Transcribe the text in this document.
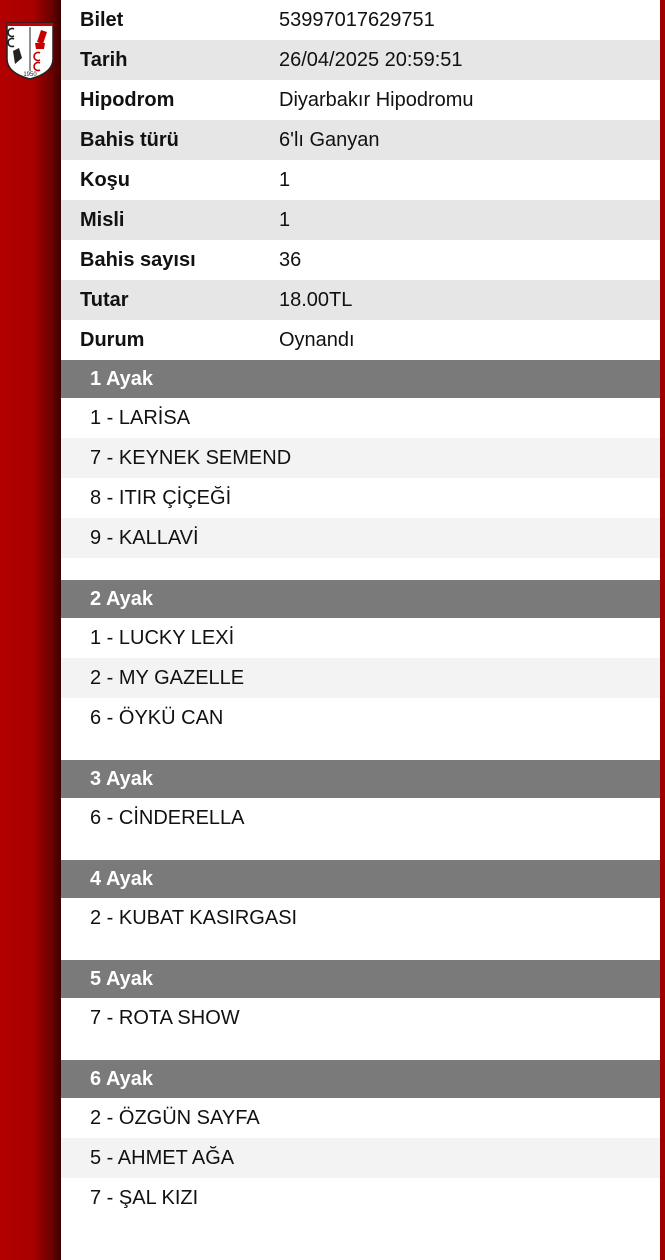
1950
Bilet	53997017629751
Tarih	26/04/2025 20:59:51
Hipodrom	Diyarbakır Hipodromu
Bahis türü	6'lı Ganyan
Koşu	1
Misli	1
Bahis sayısı	36
Tutar	18.00TL
Durum	Oynandı
1 Ayak
1 - LARİSA
7 - KEYNEK SEMEND
8 - ITIR ÇİÇEĞİ
9 - KALLAVİ
2 Ayak
1 - LUCKY LEXİ
2 - MY GAZELLE
6 - ÖYKÜ CAN
3 Ayak
6 - CİNDERELLA
4 Ayak
2 - KUBAT KASIRGASI
5 Ayak
7 - ROTA SHOW
6 Ayak
2 - ÖZGÜN SAYFA
5 - AHMET AĞA
7 - ŞAL KIZI
